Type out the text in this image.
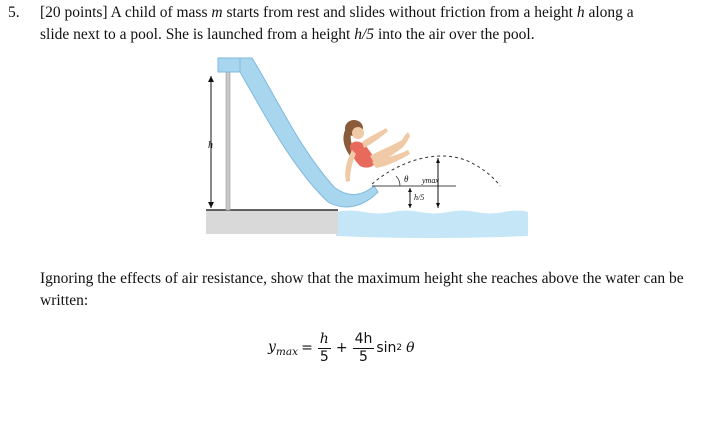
5. [20 points] A child of mass m starts from rest and slides without friction from a height h along a
slide next to a pool. She is launched from a height h/5 into the air over the pool.

h
h/5
ymax
θ

Ignoring the effects of air resistance, show that the maximum height she reaches above the water can be written:

$y_{max} = \frac{h}{5} + \frac{4h}{5}$ sin 2 θ
